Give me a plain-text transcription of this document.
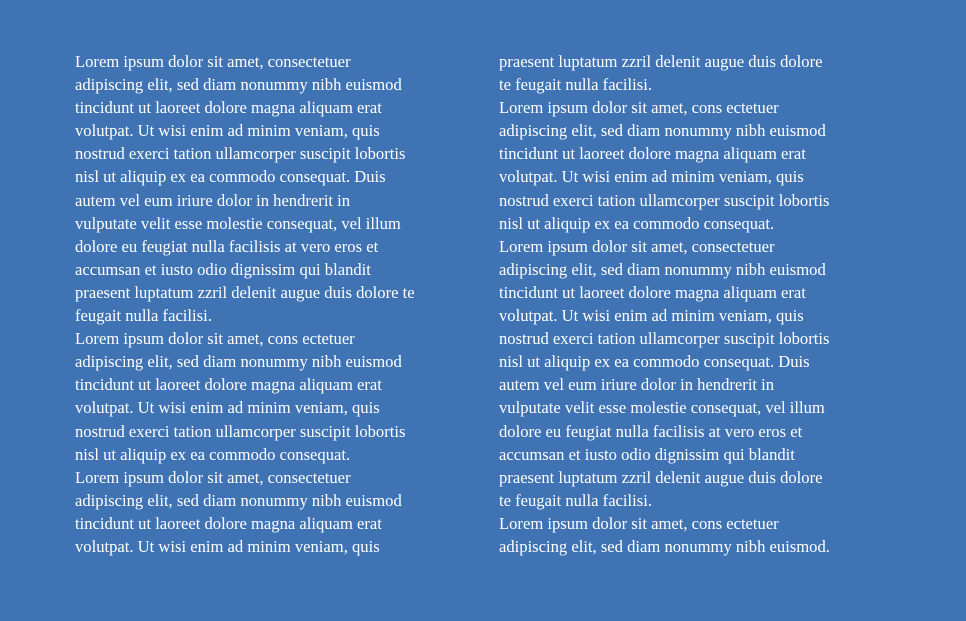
Lorem ipsum dolor sit amet, consectetuer
adipiscing elit, sed diam nonummy nibh euismod
tincidunt ut laoreet dolore magna aliquam erat
volutpat. Ut wisi enim ad minim veniam, quis
nostrud exerci tation ullamcorper suscipit lobortis
nisl ut aliquip ex ea commodo consequat. Duis
autem vel eum iriure dolor in hendrerit in
vulputate velit esse molestie consequat, vel illum
dolore eu feugiat nulla facilisis at vero eros et
accumsan et iusto odio dignissim qui blandit
praesent luptatum zzril delenit augue duis dolore te
feugait nulla facilisi.
Lorem ipsum dolor sit amet, cons ectetuer
adipiscing elit, sed diam nonummy nibh euismod
tincidunt ut laoreet dolore magna aliquam erat
volutpat. Ut wisi enim ad minim veniam, quis
nostrud exerci tation ullamcorper suscipit lobortis
nisl ut aliquip ex ea commodo consequat.
Lorem ipsum dolor sit amet, consectetuer
adipiscing elit, sed diam nonummy nibh euismod
tincidunt ut laoreet dolore magna aliquam erat
volutpat. Ut wisi enim ad minim veniam, quis
praesent luptatum zzril delenit augue duis dolore
te feugait nulla facilisi.
Lorem ipsum dolor sit amet, cons ectetuer
adipiscing elit, sed diam nonummy nibh euismod
tincidunt ut laoreet dolore magna aliquam erat
volutpat. Ut wisi enim ad minim veniam, quis
nostrud exerci tation ullamcorper suscipit lobortis
nisl ut aliquip ex ea commodo consequat.
Lorem ipsum dolor sit amet, consectetuer
adipiscing elit, sed diam nonummy nibh euismod
tincidunt ut laoreet dolore magna aliquam erat
volutpat. Ut wisi enim ad minim veniam, quis
nostrud exerci tation ullamcorper suscipit lobortis
nisl ut aliquip ex ea commodo consequat. Duis
autem vel eum iriure dolor in hendrerit in
vulputate velit esse molestie consequat, vel illum
dolore eu feugiat nulla facilisis at vero eros et
accumsan et iusto odio dignissim qui blandit
praesent luptatum zzril delenit augue duis dolore
te feugait nulla facilisi.
Lorem ipsum dolor sit amet, cons ectetuer
adipiscing elit, sed diam nonummy nibh euismod.
